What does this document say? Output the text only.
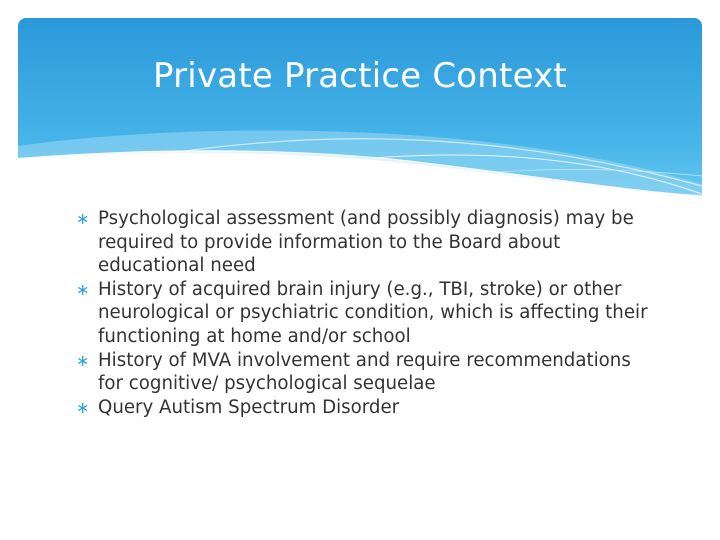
Private Practice Context
∗ Psychological assessment (and possibly diagnosis) may be required to provide information to the Board about educational need
∗ History of acquired brain injury (e.g., TBI, stroke) or other neurological or psychiatric condition, which is affecting their functioning at home and/or school
∗ History of MVA involvement and require recommendations for cognitive/ psychological sequelae
∗ Query Autism Spectrum Disorder
